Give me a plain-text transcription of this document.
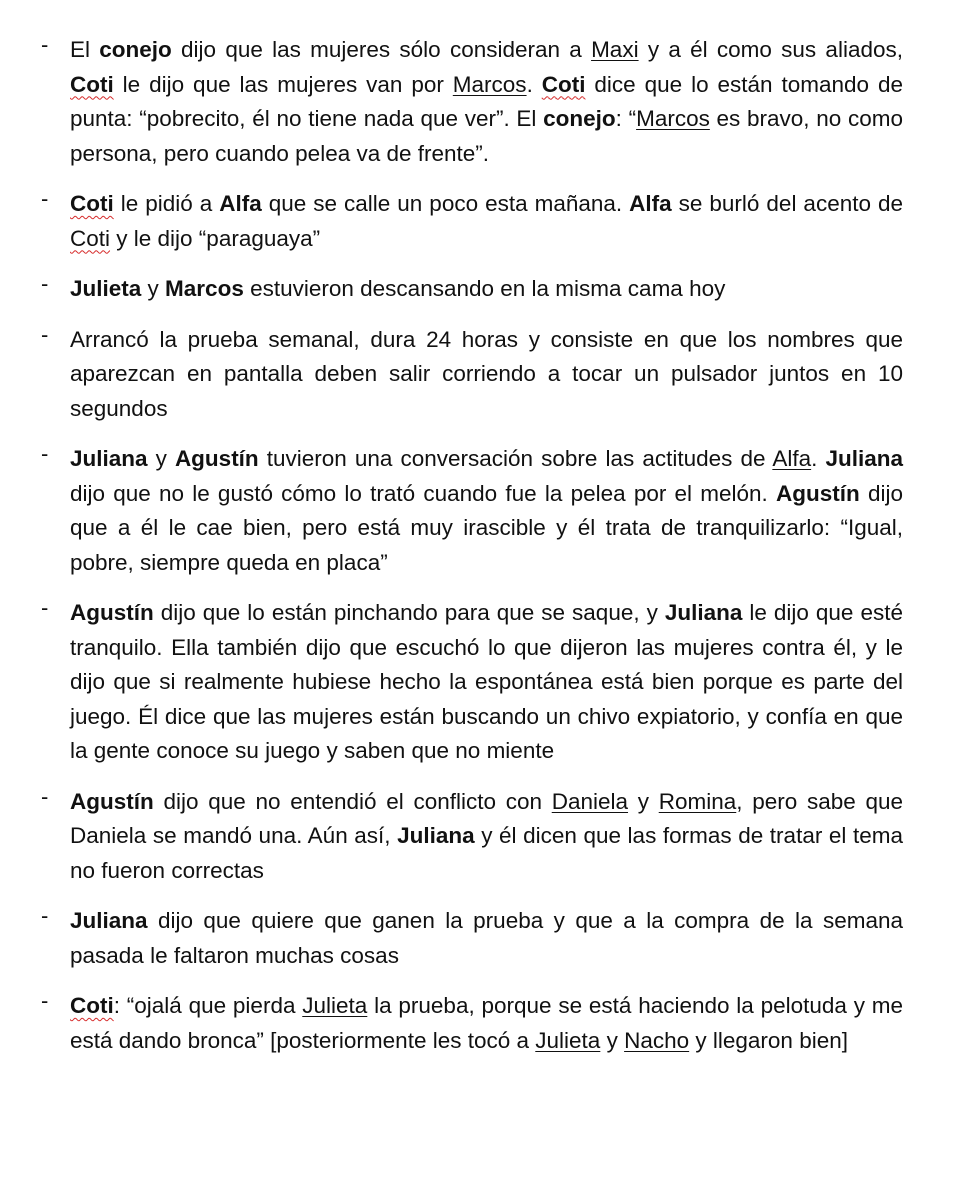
- El conejo dijo que las mujeres sólo consideran a Maxi y a él como sus aliados, Coti le dijo que las mujeres van por Marcos. Coti dice que lo están tomando de punta: “pobrecito, él no tiene nada que ver”. El conejo: “Marcos es bravo, no como persona, pero cuando pelea va de frente”.
- Coti le pidió a Alfa que se calle un poco esta mañana. Alfa se burló del acento de Coti y le dijo “paraguaya”
- Julieta y Marcos estuvieron descansando en la misma cama hoy
- Arrancó la prueba semanal, dura 24 horas y consiste en que los nombres que aparezcan en pantalla deben salir corriendo a tocar un pulsador juntos en 10 segundos
- Juliana y Agustín tuvieron una conversación sobre las actitudes de Alfa. Juliana dijo que no le gustó cómo lo trató cuando fue la pelea por el melón. Agustín dijo que a él le cae bien, pero está muy irascible y él trata de tranquilizarlo: “Igual, pobre, siempre queda en placa”
- Agustín dijo que lo están pinchando para que se saque, y Juliana le dijo que esté tranquilo. Ella también dijo que escuchó lo que dijeron las mujeres contra él, y le dijo que si realmente hubiese hecho la espontánea está bien porque es parte del juego. Él dice que las mujeres están buscando un chivo expiatorio, y confía en que la gente conoce su juego y saben que no miente
- Agustín dijo que no entendió el conflicto con Daniela y Romina, pero sabe que Daniela se mandó una. Aún así, Juliana y él dicen que las formas de tratar el tema no fueron correctas
- Juliana dijo que quiere que ganen la prueba y que a la compra de la semana pasada le faltaron muchas cosas
- Coti: “ojalá que pierda Julieta la prueba, porque se está haciendo la pelotuda y me está dando bronca” [posteriormente les tocó a Julieta y Nacho y llegaron bien]
